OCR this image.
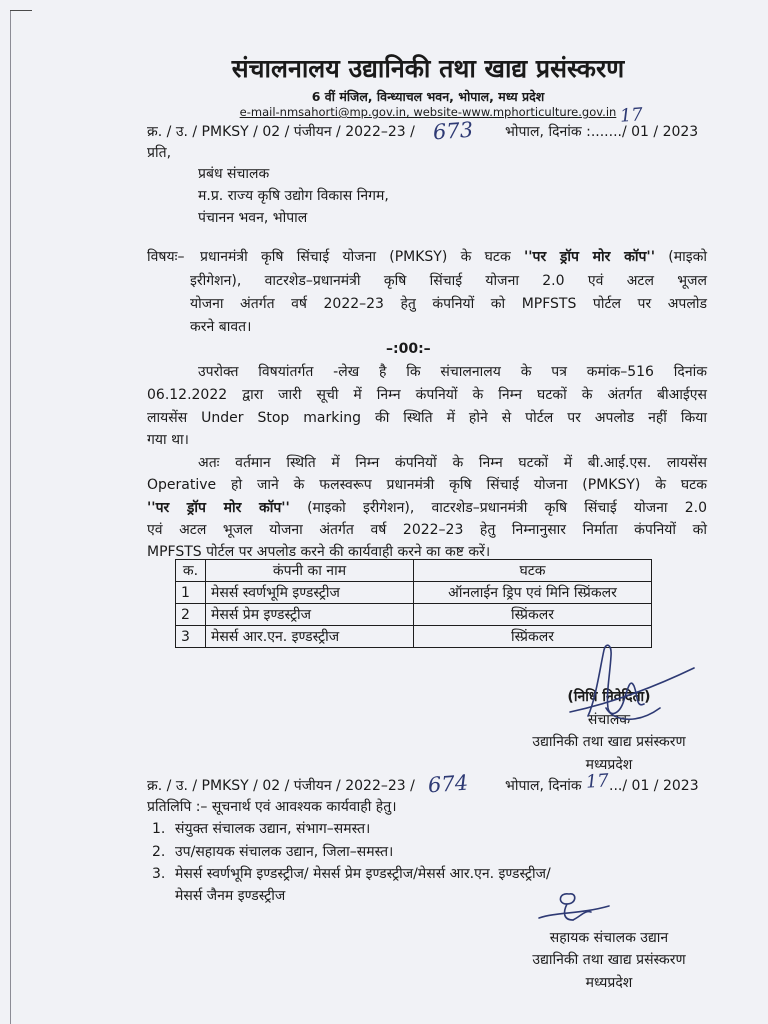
संचालनालय उद्यानिकी तथा खाद्य प्रसंस्करण
6 वीं मंजिल, विन्ध्याचल भवन, भोपाल, मध्य प्रदेश
e-mail-nmsahorti@mp.gov.in, website-www.mphorticulture.gov.in
क्र. / उ. / PMKSY / 02 / पंजीयन / 2022–23 / 673 भोपाल, दिनांक :......./ 01 / 2023
17
प्रति,
प्रबंध संचालक
म.प्र. राज्य कृषि उद्योग विकास निगम,
पंचानन भवन, भोपाल
विषयः– प्रधानमंत्री कृषि सिंचाई योजना (PMKSY) के घटक ''पर ड्रॉप मोर कॉप'' (माइको
इरीगेशन), वाटरशेड–प्रधानमंत्री कृषि सिंचाई योजना 2.0 एवं अटल भूजल
योजना अंतर्गत वर्ष 2022–23 हेतु कंपनियों को MPFSTS पोर्टल पर अपलोड
करने बावत।
–:00:–
उपरोक्त विषयांतर्गत -लेख है कि संचालनालय के पत्र कमांक–516 दिनांक
06.12.2022 द्वारा जारी सूची में निम्न कंपनियों के निम्न घटकों के अंतर्गत बीआईएस
लायसेंस Under Stop marking की स्थिति में होने से पोर्टल पर अपलोड नहीं किया
गया था।
अतः वर्तमान स्थिति में निम्न कंपनियों के निम्न घटकों में बी.आई.एस. लायसेंस
Operative हो जाने के फलस्वरूप प्रधानमंत्री कृषि सिंचाई योजना (PMKSY) के घटक
''पर ड्रॉप मोर कॉप'' (माइको इरीगेशन), वाटरशेड–प्रधानमंत्री कृषि सिंचाई योजना 2.0
एवं अटल भूजल योजना अंतर्गत वर्ष 2022–23 हेतु निम्नानुसार निर्माता कंपनियों को
MPFSTS पोर्टल पर अपलोड करने की कार्यवाही करने का कष्ट करें।
क.	कंपनी का नाम	घटक
1	मेसर्स स्वर्णभूमि इण्डस्ट्रीज	ऑनलाईन ड्रिप एवं मिनि स्प्रिंकलर
2	मेसर्स प्रेम इण्डस्ट्रीज	स्प्रिंकलर
3	मेसर्स आर.एन. इण्डस्ट्रीज	स्प्रिंकलर
(निधि निवेदिता)
संचालक
उद्यानिकी तथा खाद्य प्रसंस्करण
मध्यप्रदेश
क्र. / उ. / PMKSY / 02 / पंजीयन / 2022–23 / 674	भोपाल, दिनांक 17.../ 01 / 2023
प्रतिलिपि :– सूचनार्थ एवं आवश्यक कार्यवाही हेतु।
1. संयुक्त संचालक उद्यान, संभाग–समस्त।
2. उप/सहायक संचालक उद्यान, जिला–समस्त।
3. मेसर्स स्वर्णभूमि इण्डस्ट्रीज/ मेसर्स प्रेम इण्डस्ट्रीज/मेसर्स आर.एन. इण्डस्ट्रीज/
मेसर्स जैनम इण्डस्ट्रीज
सहायक संचालक उद्यान
उद्यानिकी तथा खाद्य प्रसंस्करण
मध्यप्रदेश
